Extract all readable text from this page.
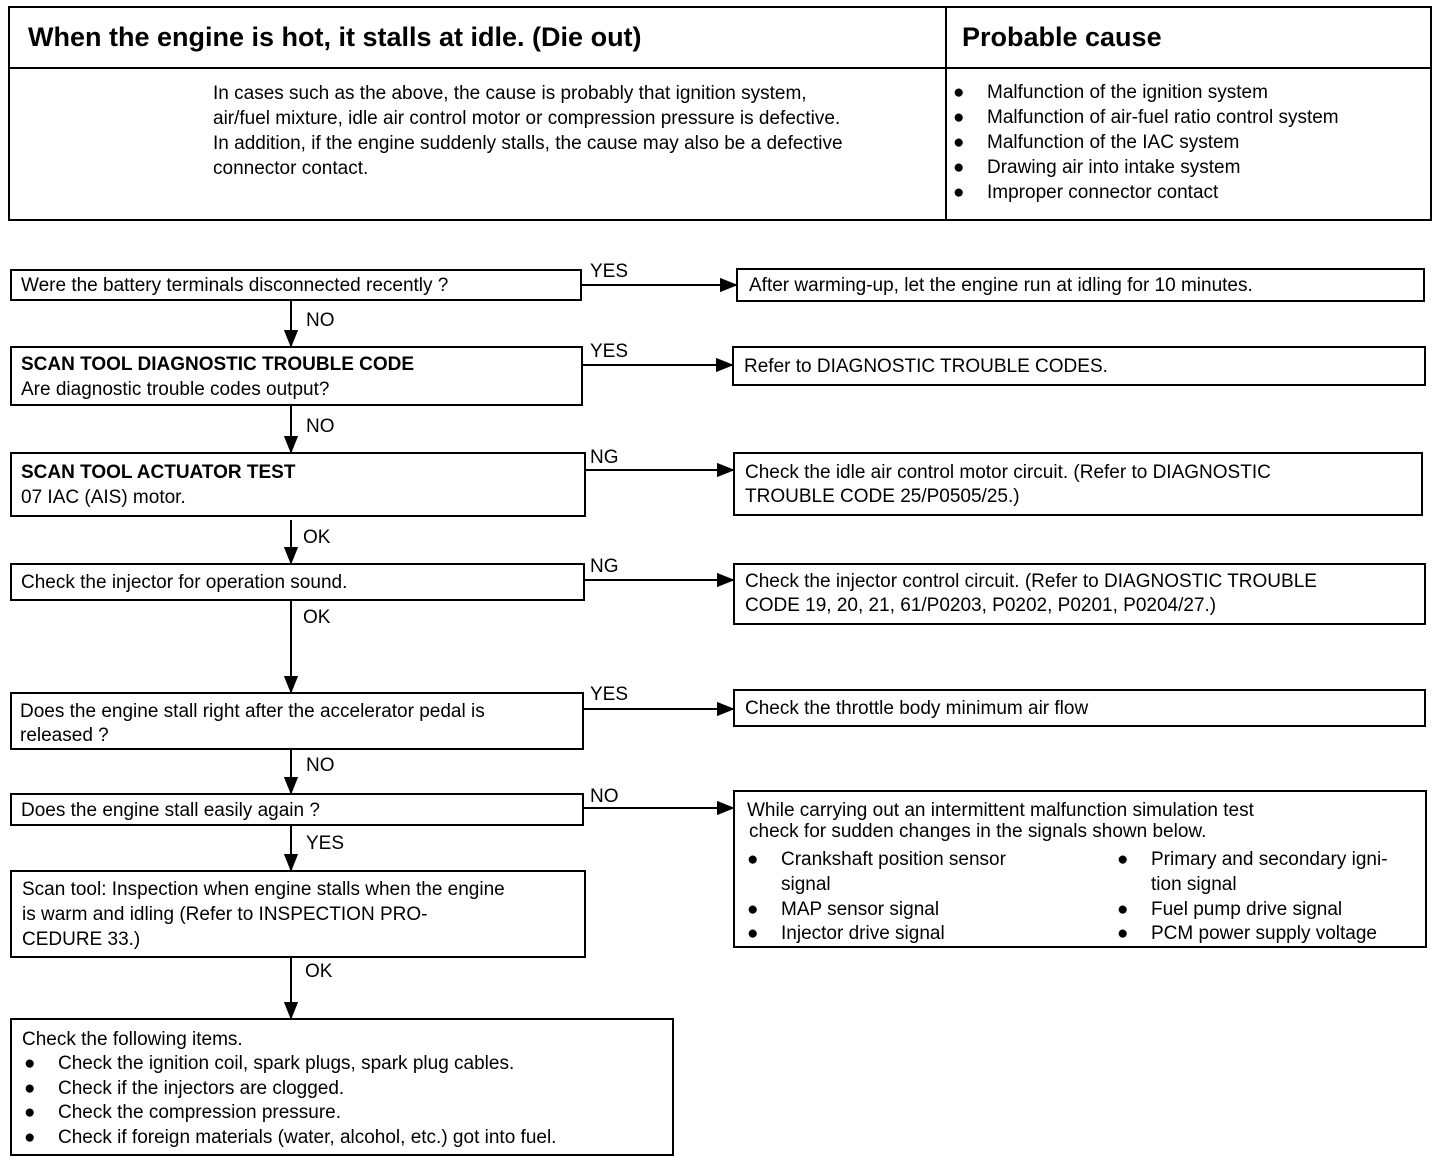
When the engine is hot, it stalls at idle. (Die out)	Probable cause
In cases such as the above, the cause is probably that ignition system,
air/fuel mixture, idle air control motor or compression pressure is defective.
In addition, if the engine suddenly stalls, the cause may also be a defective
connector contact.
● Malfunction of the ignition system
● Malfunction of air-fuel ratio control system
● Malfunction of the IAC system
● Drawing air into intake system
● Improper connector contact
YES
NO
YES
NO
NG
OK
NG
OK
YES
NO
NO
YES
OK
Were the battery terminals disconnected recently ?
SCAN TOOL DIAGNOSTIC TROUBLE CODE
Are diagnostic trouble codes output?
SCAN TOOL ACTUATOR TEST
07 IAC (AIS) motor.
Check the injector for operation sound.
Does the engine stall right after the accelerator pedal is
released ?
Does the engine stall easily again ?
Scan tool: Inspection when engine stalls when the engine
is warm and idling (Refer to INSPECTION PRO-
CEDURE 33.)
Check the following items.
● Check the ignition coil, spark plugs, spark plug cables.
● Check if the injectors are clogged.
● Check the compression pressure.
● Check if foreign materials (water, alcohol, etc.) got into fuel.
After warming-up, let the engine run at idling for 10 minutes.
Refer to DIAGNOSTIC TROUBLE CODES.
Check the idle air control motor circuit. (Refer to DIAGNOSTIC
TROUBLE CODE 25/P0505/25.)
Check the injector control circuit. (Refer to DIAGNOSTIC TROUBLE
CODE 19, 20, 21, 61/P0203, P0202, P0201, P0204/27.)
Check the throttle body minimum air flow
While carrying out an intermittent malfunction simulation test
check for sudden changes in the signals shown below.
● Crankshaft position sensor
signal
● MAP sensor signal
● Injector drive signal
● Primary and secondary igni-
tion signal
● Fuel pump drive signal
● PCM power supply voltage
